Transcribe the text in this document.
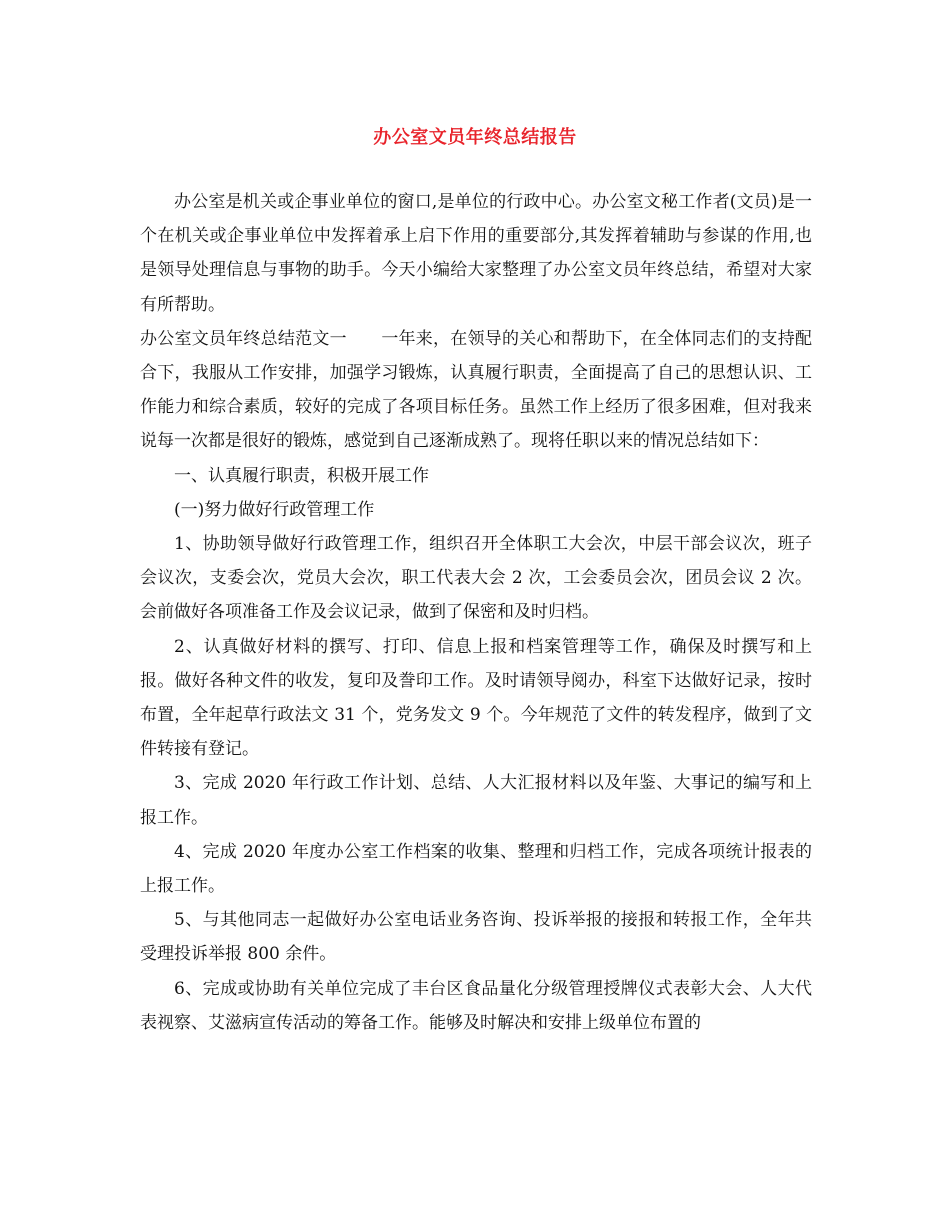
办公室文员年终总结报告

办公室是机关或企事业单位的窗口,是单位的行政中心。办公室文秘工作者(文员)是一个在机关或企事业单位中发挥着承上启下作用的重要部分,其发挥着辅助与参谋的作用,也是领导处理信息与事物的助手。今天小编给大家整理了办公室文员年终总结，希望对大家有所帮助。

办公室文员年终总结范文一　　一年来，在领导的关心和帮助下，在全体同志们的支持配合下，我服从工作安排，加强学习锻炼，认真履行职责，全面提高了自己的思想认识、工作能力和综合素质，较好的完成了各项目标任务。虽然工作上经历了很多困难，但对我来说每一次都是很好的锻炼，感觉到自己逐渐成熟了。现将任职以来的情况总结如下：

一、认真履行职责，积极开展工作

(一)努力做好行政管理工作

1、协助领导做好行政管理工作，组织召开全体职工大会次，中层干部会议次，班子会议次，支委会次，党员大会次，职工代表大会 2 次，工会委员会次，团员会议 2 次。会前做好各项准备工作及会议记录，做到了保密和及时归档。

2、认真做好材料的撰写、打印、信息上报和档案管理等工作，确保及时撰写和上报。做好各种文件的收发，复印及誊印工作。及时请领导阅办，科室下达做好记录，按时布置，全年起草行政法文 31 个，党务发文 9 个。今年规范了文件的转发程序，做到了文件转接有登记。

3、完成 2020 年行政工作计划、总结、人大汇报材料以及年鉴、大事记的编写和上报工作。

4、完成 2020 年度办公室工作档案的收集、整理和归档工作，完成各项统计报表的上报工作。

5、与其他同志一起做好办公室电话业务咨询、投诉举报的接报和转报工作，全年共受理投诉举报 800 余件。

6、完成或协助有关单位完成了丰台区食品量化分级管理授牌仪式表彰大会、人大代表视察、艾滋病宣传活动的筹备工作。能够及时解决和安排上级单位布置的
